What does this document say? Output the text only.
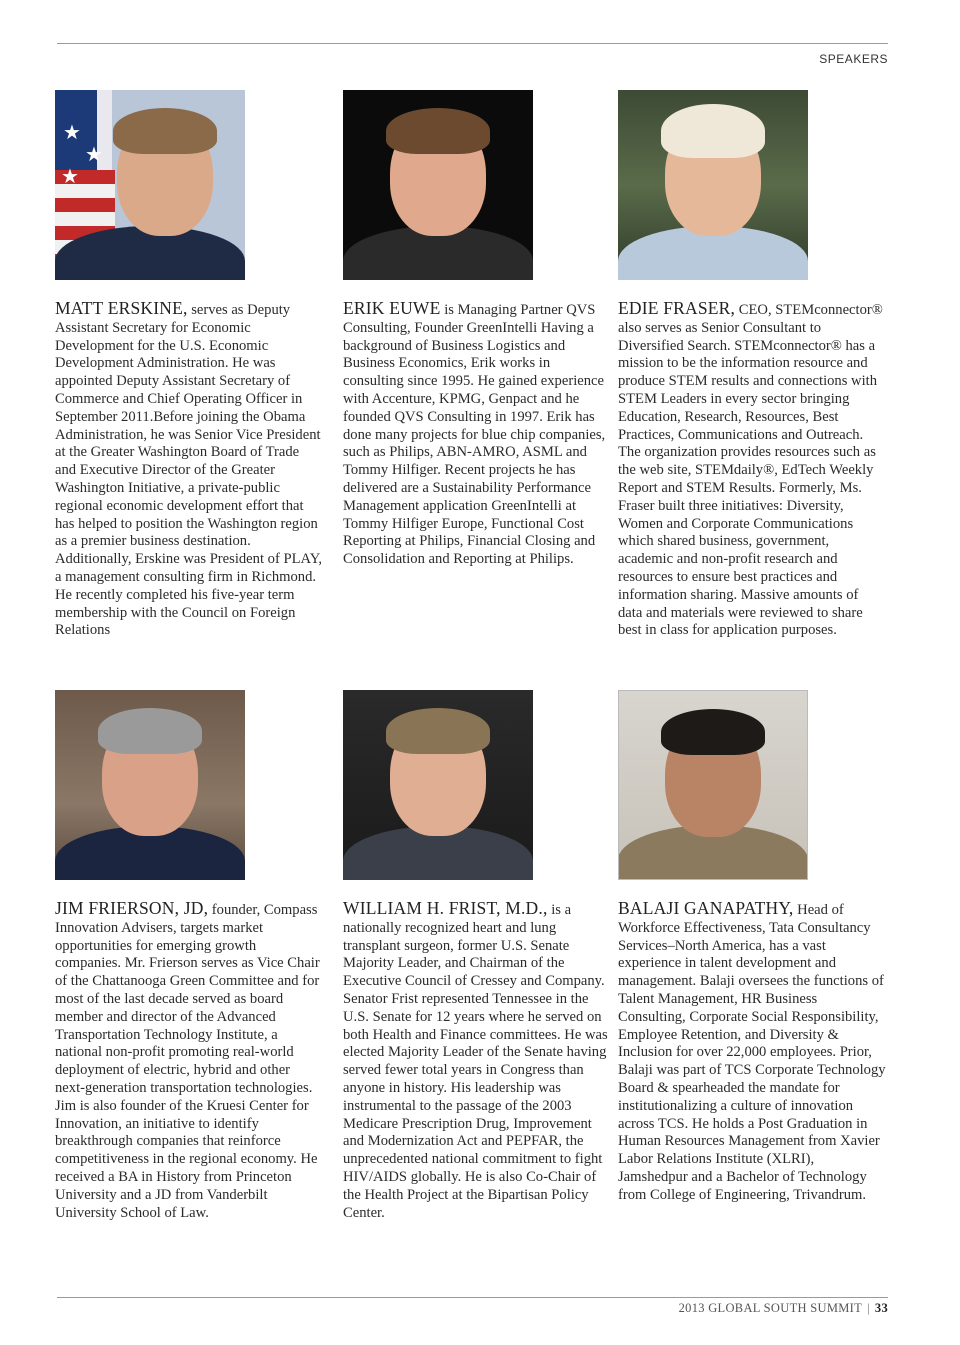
SPEAKERS
★
★
★
MATT ERSKINE, serves as Deputy Assistant Secretary for Economic Development for the U.S. Economic Development Administration. He was appointed Deputy Assistant Secretary of Commerce and Chief Operating Officer in September 2011.Before joining the Obama Administration, he was Senior Vice President at the Greater Washington Board of Trade and Executive Director of the Greater Washington Initiative, a private-public regional economic development effort that has helped to position the Washington region as a premier business destination. Additionally, Erskine was President of PLAY, a management consulting firm in Richmond. He recently completed his five-year term membership with the Council on Foreign Relations
ERIK EUWE is Managing Partner QVS Consulting, Founder GreenIntelli Having a background of Business Logistics and Business Economics, Erik works in consulting since 1995. He gained experience with Accenture, KPMG, Genpact and he founded QVS Consulting in 1997. Erik has done many projects for blue chip companies, such as Philips, ABN-AMRO, ASML and Tommy Hilfiger. Recent projects he has delivered are a Sustainability Performance Management application GreenIntelli at Tommy Hilfiger Europe, Functional Cost Reporting at Philips, Financial Closing and Consolidation and Reporting at Philips.
EDIE FRASER, CEO, STEMconnector® also serves as Senior Consultant to Diversified Search. STEMconnector® has a mission to be the information resource and produce STEM results and connections with STEM Leaders in every sector bringing Education, Research, Resources, Best Practices, Communications and Outreach. The organization provides resources such as the web site, STEMdaily®, EdTech Weekly Report and STEM Results. Formerly, Ms. Fraser built three initiatives: Diversity, Women and Corporate Communications which shared business, government, academic and non-profit research and resources to ensure best practices and information sharing. Massive amounts of data and materials were reviewed to share best in class for application purposes.
JIM FRIERSON, JD, founder, Compass Innovation Advisers, targets market opportunities for emerging growth companies. Mr. Frierson serves as Vice Chair of the Chattanooga Green Committee and for most of the last decade served as board member and director of the Advanced Transportation Technology Institute, a national non-profit promoting real-world deployment of electric, hybrid and other next-generation transportation technologies. Jim is also founder of the Kruesi Center for Innovation, an initiative to identify breakthrough companies that reinforce competitiveness in the regional economy. He received a BA in History from Princeton University and a JD from Vanderbilt University School of Law.
WILLIAM H. FRIST, M.D., is a nationally recognized heart and lung transplant surgeon, former U.S. Senate Majority Leader, and Chairman of the Executive Council of Cressey and Company. Senator Frist represented Tennessee in the U.S. Senate for 12 years where he served on both Health and Finance committees. He was elected Majority Leader of the Senate having served fewer total years in Congress than anyone in history. His leadership was instrumental to the passage of the 2003 Medicare Prescription Drug, Improvement and Modernization Act and PEPFAR, the unprecedented national commitment to fight HIV/AIDS globally. He is also Co-Chair of the Health Project at the Bipartisan Policy Center.
BALAJI GANAPATHY, Head of Workforce Effectiveness, Tata Consultancy Services–North America, has a vast experience in talent development and management. Balaji oversees the functions of Talent Management, HR Business Consulting, Corporate Social Responsibility, Employee Retention, and Diversity & Inclusion for over 22,000 employees. Prior, Balaji was part of TCS Corporate Technology Board & spearheaded the mandate for institutionalizing a culture of innovation across TCS. He holds a Post Graduation in Human Resources Management from Xavier Labor Relations Institute (XLRI), Jamshedpur and a Bachelor of Technology from College of Engineering, Trivandrum.
2013 GLOBAL SOUTH SUMMIT | 33
